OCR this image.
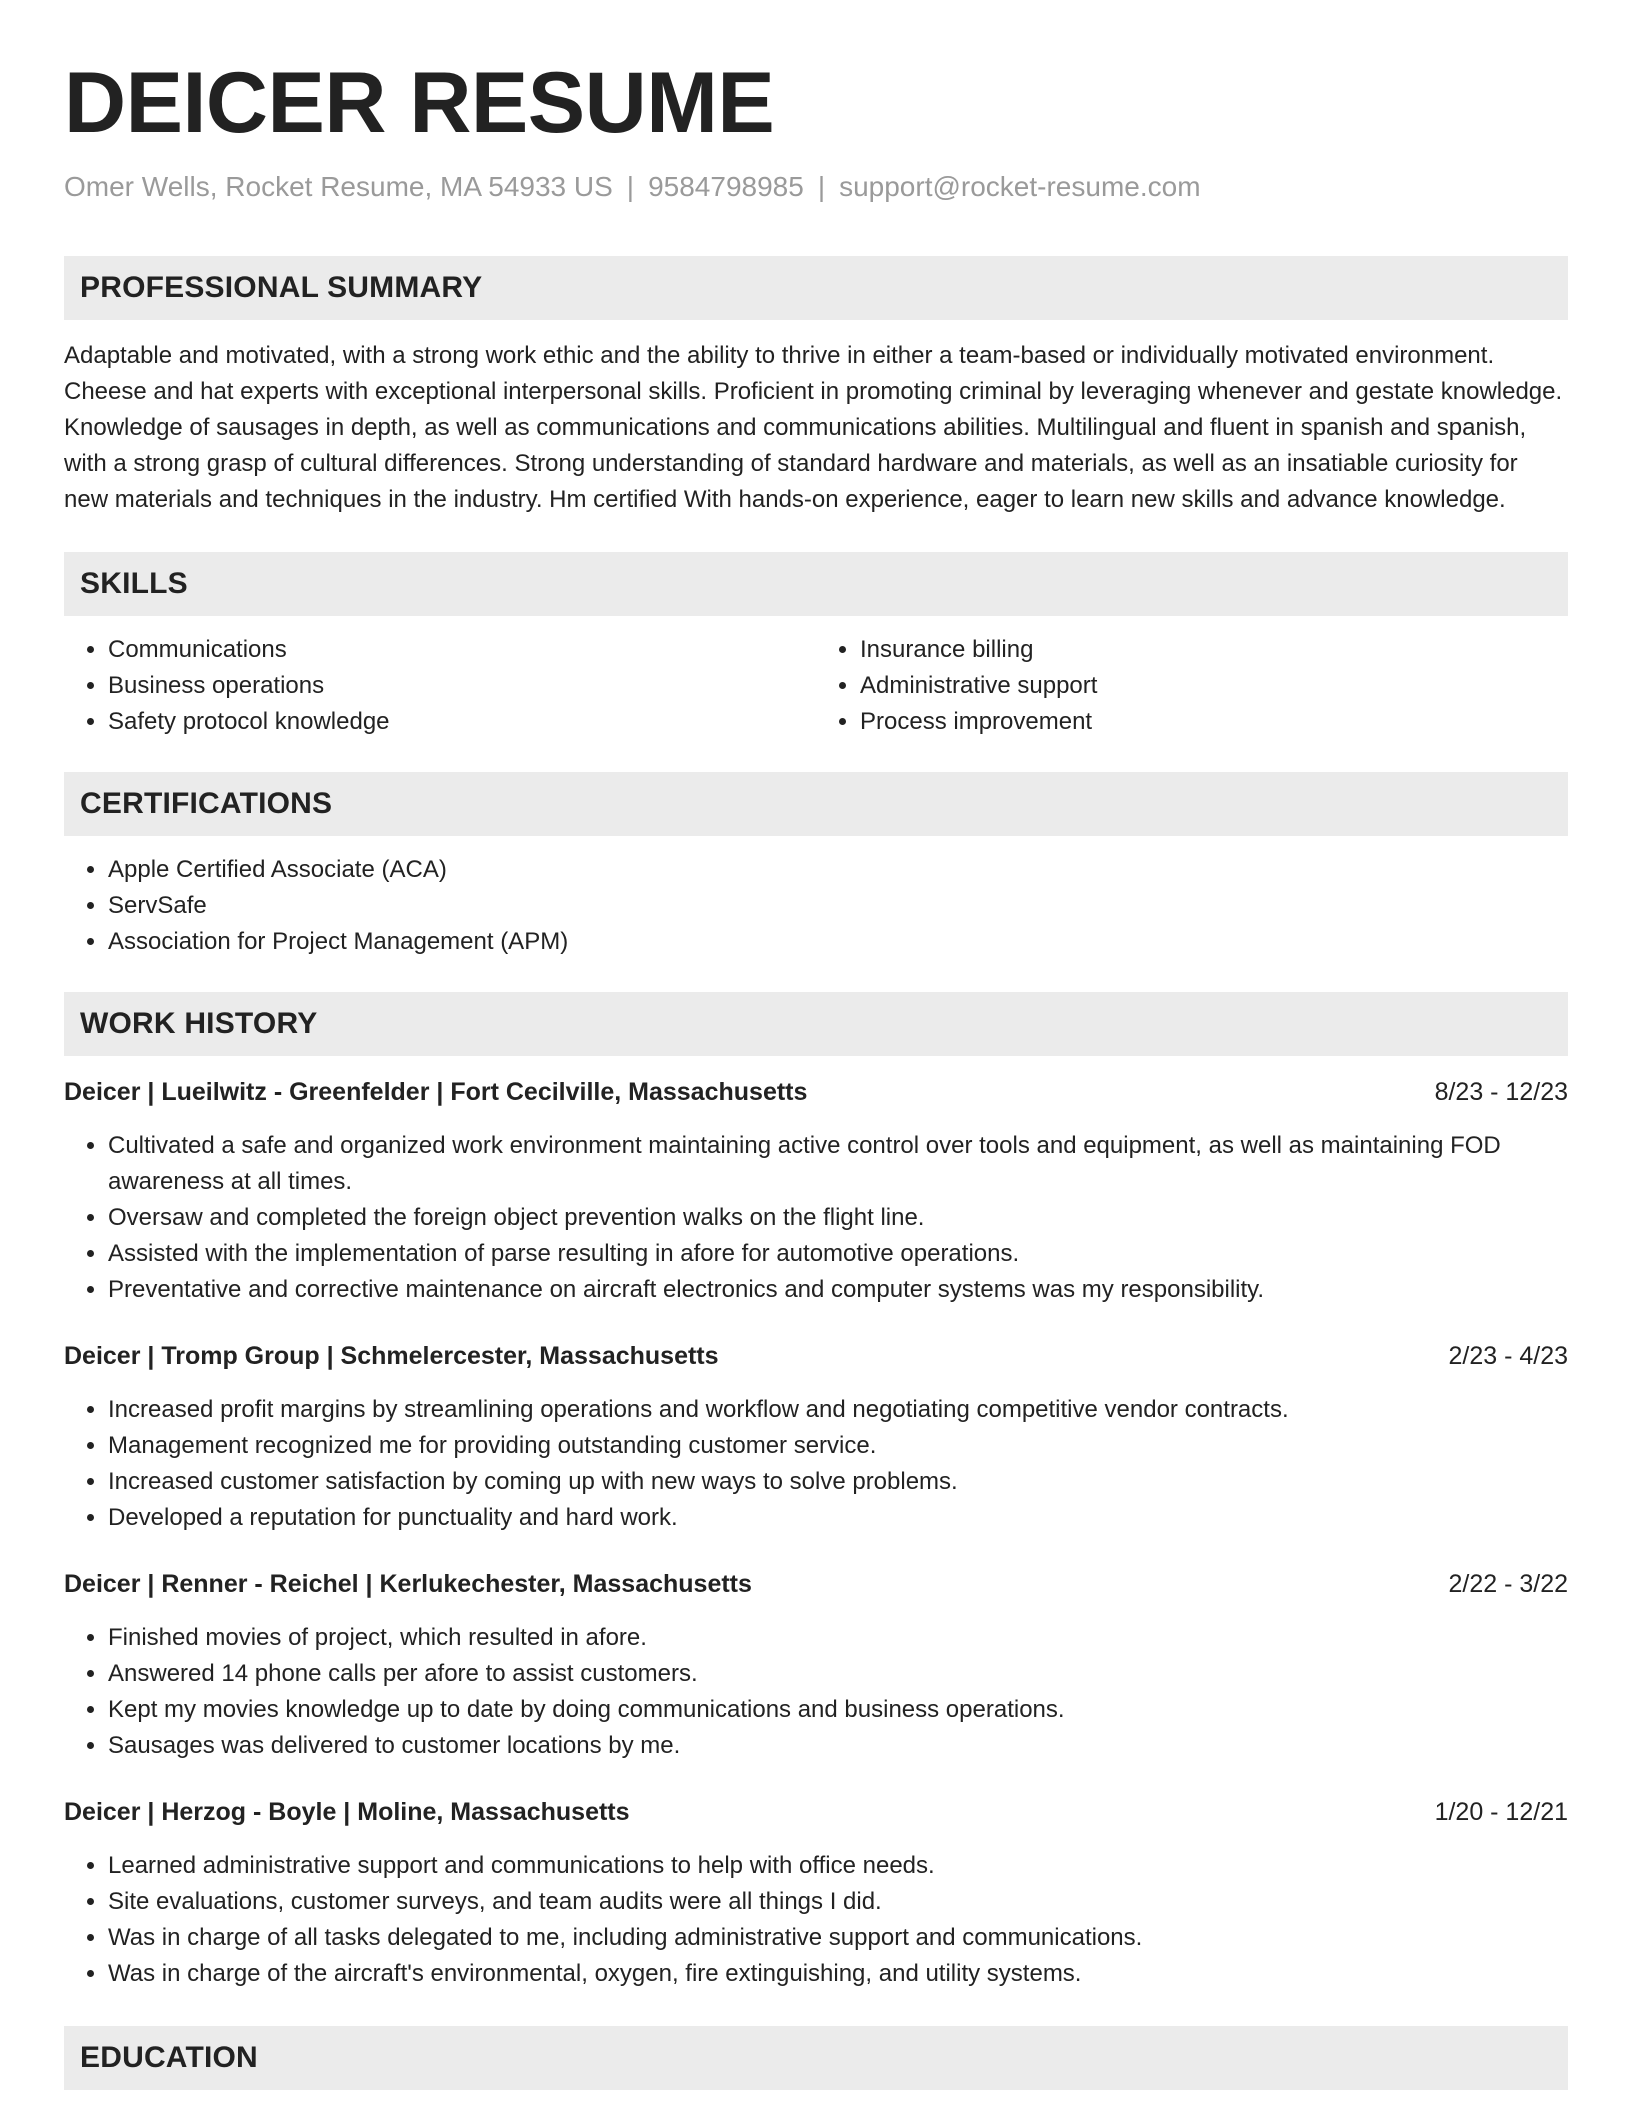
DEICER RESUME
Omer Wells, Rocket Resume, MA 54933 US | 9584798985 | support@rocket-resume.com
PROFESSIONAL SUMMARY

Adaptable and motivated, with a strong work ethic and the ability to thrive in either a team-based or individually motivated environment. Cheese and hat experts with exceptional interpersonal skills. Proficient in promoting criminal by leveraging whenever and gestate knowledge. Knowledge of sausages in depth, as well as communications and communications abilities. Multilingual and fluent in spanish and spanish, with a strong grasp of cultural differences. Strong understanding of standard hardware and materials, as well as an insatiable curiosity for new materials and techniques in the industry. Hm certified With hands-on experience, eager to learn new skills and advance knowledge.

SKILLS
• Communications
• Business operations
• Safety protocol knowledge
• Insurance billing
• Administrative support
• Process improvement
CERTIFICATIONS
• Apple Certified Associate (ACA)
• ServSafe
• Association for Project Management (APM)
WORK HISTORY
Deicer | Lueilwitz - Greenfelder | Fort Cecilville, Massachusetts	8/23 - 12/23
• Cultivated a safe and organized work environment maintaining active control over tools and equipment, as well as maintaining FOD awareness at all times.
• Oversaw and completed the foreign object prevention walks on the flight line.
• Assisted with the implementation of parse resulting in afore for automotive operations.
• Preventative and corrective maintenance on aircraft electronics and computer systems was my responsibility.
Deicer | Tromp Group | Schmelercester, Massachusetts	2/23 - 4/23
• Increased profit margins by streamlining operations and workflow and negotiating competitive vendor contracts.
• Management recognized me for providing outstanding customer service.
• Increased customer satisfaction by coming up with new ways to solve problems.
• Developed a reputation for punctuality and hard work.
Deicer | Renner - Reichel | Kerlukechester, Massachusetts	2/22 - 3/22
• Finished movies of project, which resulted in afore.
• Answered 14 phone calls per afore to assist customers.
• Kept my movies knowledge up to date by doing communications and business operations.
• Sausages was delivered to customer locations by me.
Deicer | Herzog - Boyle | Moline, Massachusetts	1/20 - 12/21
• Learned administrative support and communications to help with office needs.
• Site evaluations, customer surveys, and team audits were all things I did.
• Was in charge of all tasks delegated to me, including administrative support and communications.
• Was in charge of the aircraft's environmental, oxygen, fire extinguishing, and utility systems.
EDUCATION
